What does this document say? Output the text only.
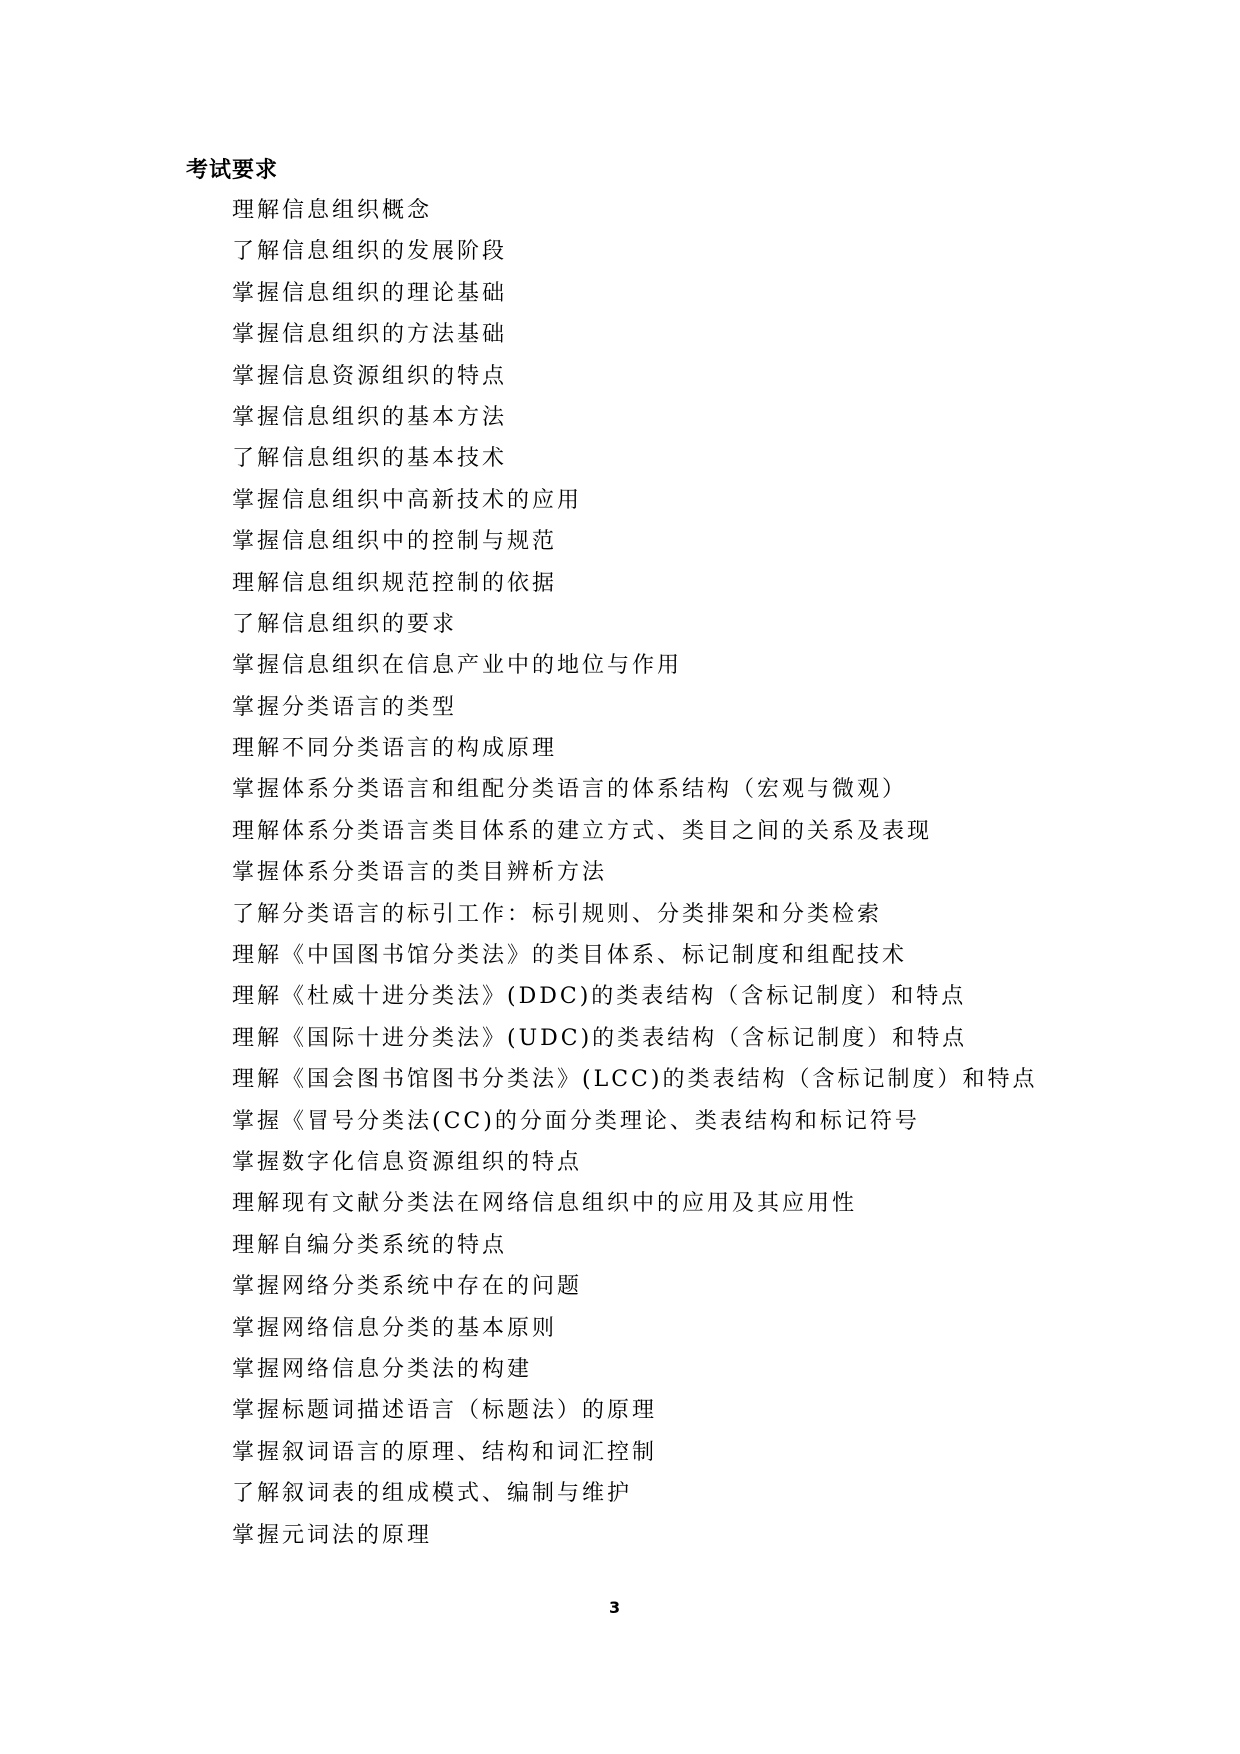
考试要求
理解信息组织概念
了解信息组织的发展阶段
掌握信息组织的理论基础
掌握信息组织的方法基础
掌握信息资源组织的特点
掌握信息组织的基本方法
了解信息组织的基本技术
掌握信息组织中高新技术的应用
掌握信息组织中的控制与规范
理解信息组织规范控制的依据
了解信息组织的要求
掌握信息组织在信息产业中的地位与作用
掌握分类语言的类型
理解不同分类语言的构成原理
掌握体系分类语言和组配分类语言的体系结构（宏观与微观）
理解体系分类语言类目体系的建立方式、类目之间的关系及表现
掌握体系分类语言的类目辨析方法
了解分类语言的标引工作：标引规则、分类排架和分类检索
理解《中国图书馆分类法》的类目体系、标记制度和组配技术
理解《杜威十进分类法》(DDC)的类表结构（含标记制度）和特点
理解《国际十进分类法》(UDC)的类表结构（含标记制度）和特点
理解《国会图书馆图书分类法》(LCC)的类表结构（含标记制度）和特点
掌握《冒号分类法(CC)的分面分类理论、类表结构和标记符号
掌握数字化信息资源组织的特点
理解现有文献分类法在网络信息组织中的应用及其应用性
理解自编分类系统的特点
掌握网络分类系统中存在的问题
掌握网络信息分类的基本原则
掌握网络信息分类法的构建
掌握标题词描述语言（标题法）的原理
掌握叙词语言的原理、结构和词汇控制
了解叙词表的组成模式、编制与维护
掌握元词法的原理
3
